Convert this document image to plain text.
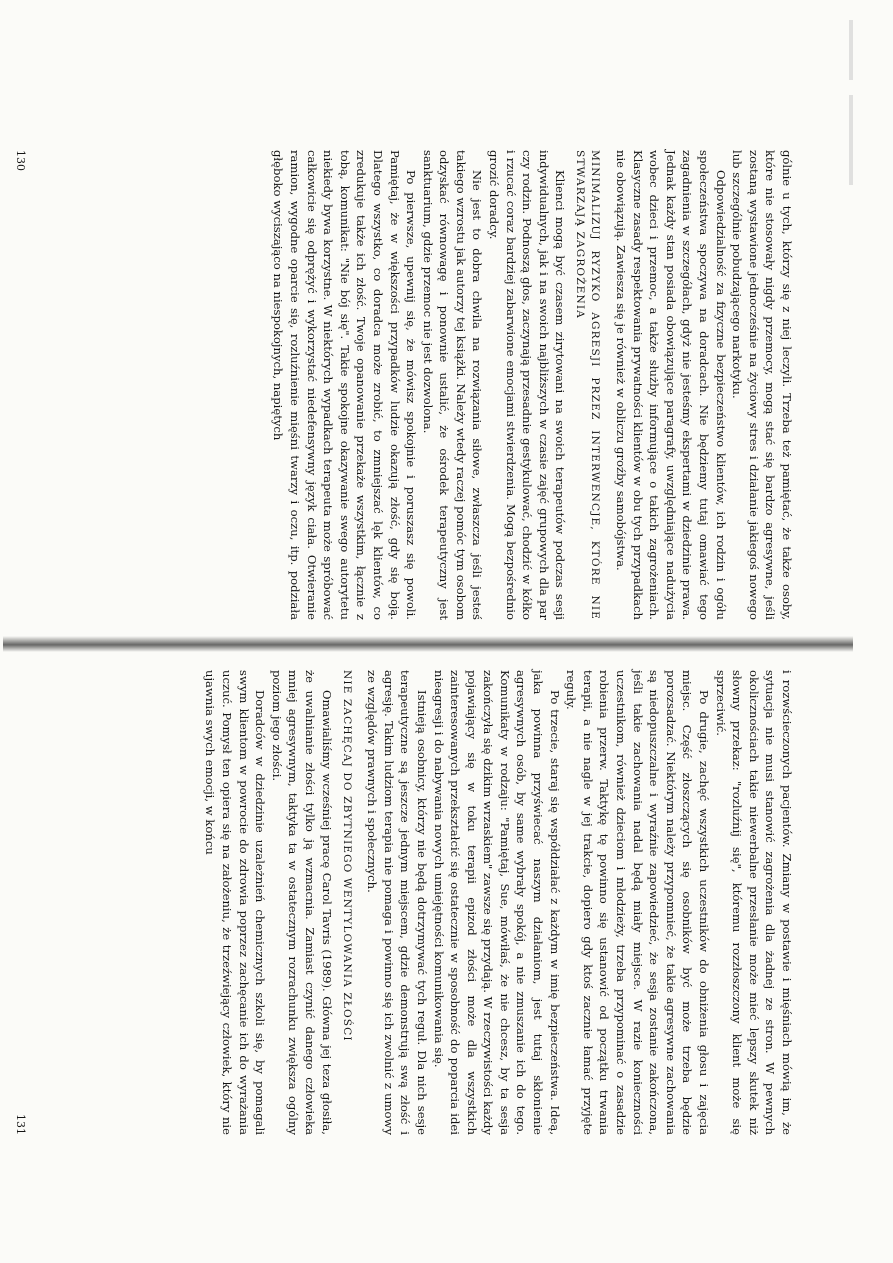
gólnie u tych, którzy się z niej leczyli. Trzeba też pamiętać, że także osoby, które nie stosowały nigdy przemocy, mogą stać się bardzo agresywne, jeśli zostaną wystawione jednocześnie na życiowy stres i działanie jakiegoś nowego lub szczególnie pobudzającego narkotyku.

Odpowiedzialność za fizyczne bezpieczeństwo klientów, ich rodzin i ogółu społeczeństwa spoczywa na doradcach. Nie będziemy tutaj omawiać tego zagadnienia w szczegółach, gdyż nie jesteśmy ekspertami w dziedzinie prawa. Jednak każdy stan posiada obowiązujące paragrafy, uwzględniające nadużycia wobec dzieci i przemoc, a także służby informujące o takich zagrożeniach. Klasyczne zasady respektowania prywatności klientów w obu tych przypadkach nie obowiązują. Zawiesza się je również w obliczu groźby samobójstwa.

MINIMALIZUJ RYZYKO AGRESJI PRZEZ INTERWENCJE, KTÓRE NIE STWARZAJĄ ZAGROŻENIA

Klienci mogą być czasem zirytowani na swoich terapeutów podczas sesji indywidualnych, jak i na swoich najbliższych w czasie zajęć grupowych dla par czy rodzin. Podnoszą głos, zaczynają przesadnie gestykulować, chodzić w kółko i rzucać coraz bardziej zabarwione emocjami stwierdzenia. Mogą bezpośrednio grozić doradcy.

Nie jest to dobra chwila na rozwiązania siłowe, zwłaszcza jeśli jesteś takiego wzrostu jak autorzy tej książki. Należy wtedy raczej pomóc tym osobom odzyskać równowagę i ponownie ustalić, że ośrodek terapeutyczny jest sanktuarium, gdzie przemoc nie jest dozwolona.

Po pierwsze, upewnij się, że mówisz spokojnie i poruszasz się powoli. Pamiętaj, że w większości przypadków ludzie okazują złość, gdy się boją. Dlatego wszystko, co doradca może zrobić, to zmniejszać lęk klientów, co zredukuje także ich złość. Twoje opanowanie przekaże wszystkim, łącznie z tobą, komunikat: "Nie bój się". Takie spokojne okazywanie swego autorytetu niekiedy bywa korzystne. W niektórych wypadkach terapeuta może spróbować całkowicie się odprężyć i wykorzystać niedefensywny język ciała. Otwieranie ramion, wygodne oparcie się, rozluźnienie mięśni twarzy i oczu, itp. podziała głęboko wyciszająco na niespokojnych, napiętych

130

i rozwścieczonych pacjentów. Zmiany w postawie i mięśniach mówią im, że sytuacja nie musi stanowić zagrożenia dla żadnej ze stron. W pewnych okolicznościach takie niewerbalne przesłanie może mieć lepszy skutek niż słowny przekaz: "rozluźnij się", któremu rozzłoszczony klient może się sprzeciwić.

Po drugie, zachęć wszystkich uczestników do obniżenia głosu i zajęcia miejsc. Część złoszczących się osobników być może trzeba będzie porozsadzać. Niektórym należy przypomnieć, że takie agresywne zachowania są niedopuszczalne i wyraźnie zapowiedzieć, że sesja zostanie zakończona, jeśli takie zachowania nadal będą miały miejsce. W razie konieczności uczestnikom, również dzieciom i młodzieży, trzeba przypominać o zasadzie robienia przerw. Taktykę tę powinno się ustanowić od początku trwania terapii, a nie nagle w jej trakcie, dopiero gdy ktoś zacznie łamać przyjęte reguły.

Po trzecie, staraj się współdziałać z każdym w imię bezpieczeństwa. Ideą, jaka powinna przyświecać naszym działaniom, jest tutaj skłonienie agresywnych osób, by same wybrały spokój, a nie zmuszanie ich do tego. Komunikaty w rodzaju: "Pamiętaj, Sue, mówiłaś, że nie chcesz, by ta sesja zakończyła się dzikim wrzaskiem" zawsze się przydają. W rzeczywistości każdy pojawiający się w toku terapii epizod złości może dla wszystkich zainteresowanych przekształcić się ostatecznie w sposobność do poparcia idei nieagresji i do nabywania nowych umiejętności komunikowania się.

Istnieją osobnicy, którzy nie będą dotrzymywać tych reguł. Dla nich sesje terapeutyczne są jeszcze jednym miejscem, gdzie demonstrują swą złość i agresję. Takim ludziom terapia nie pomaga i powinno się ich zwolnić z umowy ze względów prawnych i społecznych.

NIE ZACHĘCAJ DO ZBYTNIEGO WENTYLOWANIA ZŁOŚCI

Omawialiśmy wcześniej pracę Carol Tavris (1989). Główna jej teza głosiła, że uwalnianie złości tylko ją wzmacnia. Zamiast czynić danego człowieka mniej agresywnym, taktyka ta w ostatecznym rozrachunku zwiększa ogólny poziom jego złości.

Doradców w dziedzinie uzależnień chemicznych szkoli się, by pomagali swym klientom w powrocie do zdrowia poprzez zachęcanie ich do wyrażania uczuć. Pomysł ten opiera się na założeniu, że trzeźwiejący człowiek, który nie ujawnia swych emocji, w końcu

131
